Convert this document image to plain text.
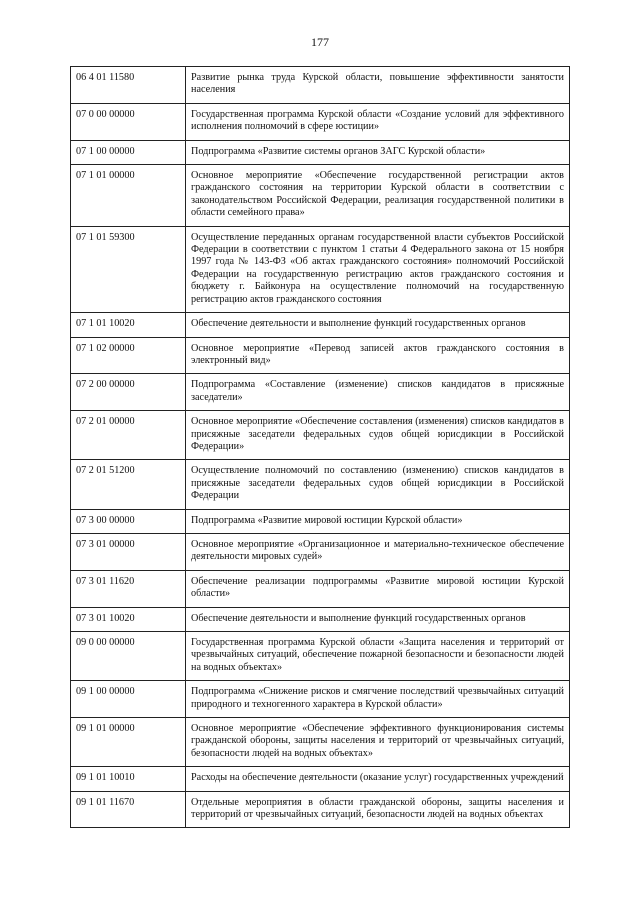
177
06 4 01 11580	Развитие рынка труда Курской области, повышение эффективности занятости населения
07 0 00 00000	Государственная программа Курской области «Создание условий для эффективного исполнения полномочий в сфере юстиции»
07 1 00 00000	Подпрограмма «Развитие системы органов ЗАГС Курской области»
07 1 01 00000	Основное мероприятие «Обеспечение государственной регистрации актов гражданского состояния на территории Курской области в соответствии с законодательством Российской Федерации, реализация государственной политики в области семейного права»
07 1 01 59300	Осуществление переданных органам государственной власти субъектов Российской Федерации в соответствии с пунктом 1 статьи 4 Федерального закона от 15 ноября 1997 года № 143-ФЗ «Об актах гражданского состояния» полномочий Российской Федерации на государственную регистрацию актов гражданского состояния и бюджету г. Байконура на осуществление полномочий на государственную регистрацию актов гражданского состояния
07 1 01 10020	Обеспечение деятельности и выполнение функций государственных органов
07 1 02 00000	Основное мероприятие «Перевод записей актов гражданского состояния в электронный вид»
07 2 00 00000	Подпрограмма «Составление (изменение) списков кандидатов в присяжные заседатели»
07 2 01 00000	Основное мероприятие «Обеспечение составления (изменения) списков кандидатов в присяжные заседатели федеральных судов общей юрисдикции в Российской Федерации»
07 2 01 51200	Осуществление полномочий по составлению (изменению) списков кандидатов в присяжные заседатели федеральных судов общей юрисдикции в Российской Федерации
07 3 00 00000	Подпрограмма «Развитие мировой юстиции Курской области»
07 3 01 00000	Основное мероприятие «Организационное и материально-техническое обеспечение деятельности мировых судей»
07 3 01 11620	Обеспечение реализации подпрограммы «Развитие мировой юстиции Курской области»
07 3 01 10020	Обеспечение деятельности и выполнение функций государственных органов
09 0 00 00000	Государственная программа Курской области «Защита населения и территорий от чрезвычайных ситуаций, обеспечение пожарной безопасности и безопасности людей на водных объектах»
09 1 00 00000	Подпрограмма «Снижение рисков и смягчение последствий чрезвычайных ситуаций природного и техногенного характера в Курской области»
09 1 01 00000	Основное мероприятие «Обеспечение эффективного функционирования системы гражданской обороны, защиты населения и территорий от чрезвычайных ситуаций, безопасности людей на водных объектах»
09 1 01 10010	Расходы на обеспечение деятельности (оказание услуг) государственных учреждений
09 1 01 11670	Отдельные мероприятия в области гражданской обороны, защиты населения и территорий от чрезвычайных ситуаций, безопасности людей на водных объектах
